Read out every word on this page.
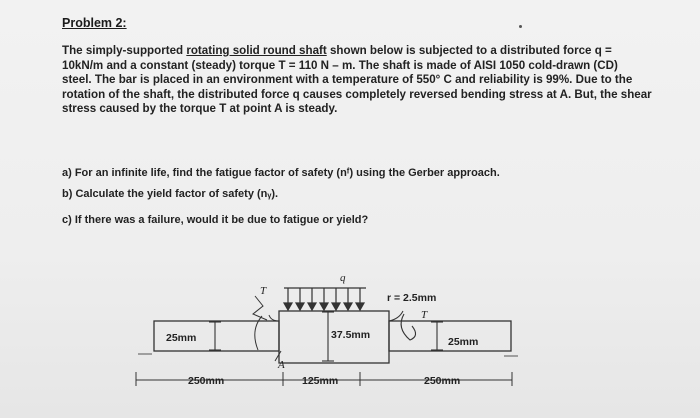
Problem 2:
The simply-supported rotating solid round shaft shown below is subjected to a distributed force q =
10kN/m and a constant (steady) torque T = 110 N – m. The shaft is made of AISI 1050 cold-drawn (CD)
steel. The bar is placed in an environment with a temperature of 550° C and reliability is 99%. Due to the
rotation of the shaft, the distributed force q causes completely reversed bending stress at A. But, the shear
stress caused by the torque T at point A is steady.
a) For an infinite life, find the fatigue factor of safety (nᶠ) using the Gerber approach.
b) Calculate the yield factor of safety (nᵧ).
c) If there was a failure, would it be due to fatigue or yield?
q
T
T
r = 2.5mm
25mm	37.5mm
25mm
A
250mm	125mm	250mm
